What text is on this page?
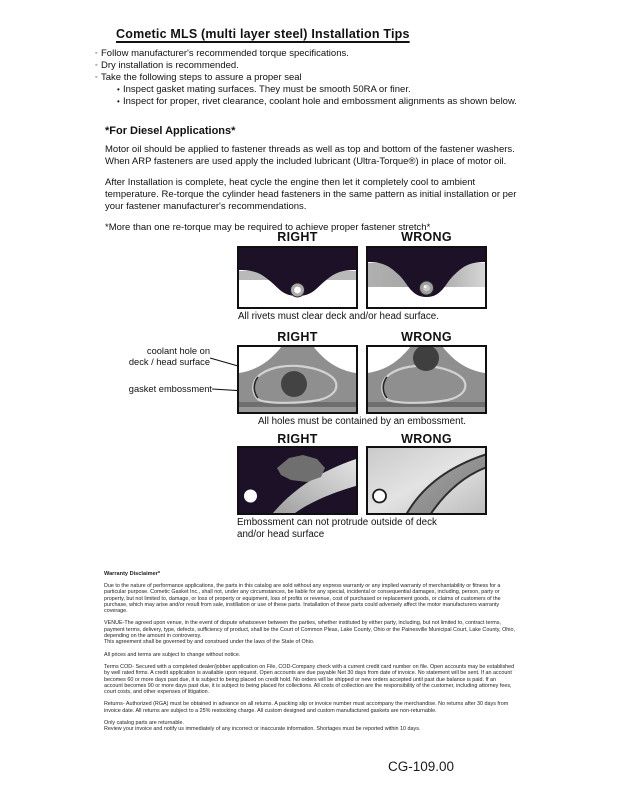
Cometic MLS (multi layer steel) Installation Tips
◦ Follow manufacturer's recommended torque specifications.
◦ Dry installation is recommended.
◦ Take the following steps to assure a proper seal
• Inspect gasket mating surfaces. They must be smooth 50RA or finer.
• Inspect for proper, rivet clearance, coolant hole and embossment alignments as shown below.
*For Diesel Applications*

Motor oil should be applied to fastener threads as well as top and bottom of the fastener washers. When ARP fasteners are used apply the included lubricant (Ultra-Torque®) in place of motor oil.

After Installation is complete, heat cycle the engine then let it completely cool to ambient temperature. Re-torque the cylinder head fasteners in the same pattern as initial installation or per your fastener manufacturer's recommendations.

*More than one re-torque may be required to achieve proper fastener stretch*

RIGHT	WRONG
All rivets must clear deck and/or head surface.
RIGHT	WRONG
coolant hole on
deck / head surface
gasket embossment
All holes must be contained by an embossment.
RIGHT	WRONG
Embossment can not protrude outside of deck
and/or head surface
Warranty Disclaimer*

Due to the nature of performance applications, the parts in this catalog are sold without any express warranty or any implied warranty of merchantability or fitness for a particular purpose. Cometic Gasket Inc., shall not, under any circumstances, be liable for any special, incidental or consequential damages, including, person, party or property, but not limited to, damage, or loss of property or equipment, loss of profits or revenue, cost of purchased or replacement goods, or claims of customers of the purchase, which may arise and/or result from sale, instillation or use of these parts. Installation of these parts could adversely affect the motor manufacturers warranty coverage.

VENUE-The agreed upon venue, in the event of dispute whatsoever between the parties, whether instituted by either party, including, but not limited to, contract terms, payment terms, delivery, type, defects, sufficiency of product, shall be the Court of Common Pleas, Lake County, Ohio or the Painesville Municipal Court, Lake County, Ohio, depending on the amount in controversy.

This agreement shall be governed by and construed under the laws of the State of Ohio.

All prices and terms are subject to change without notice.

Terms COD- Secured with a completed dealer/jobber application on File, COD-Company check with a current credit card number on file. Open accounts may be established by well rated firms. A credit application is available upon request. Open accounts are due payable Net 30 days from date of invoice. No statement will be sent. If an account becomes 60 or more days past due, it is subject to being placed on credit hold. No orders will be shipped or new orders accepted until past due balance is paid. If an account becomes 90 or more days past due, it is subject to being placed for collections. All costs of collection are the responsibility of the customer, including attorney fees, court costs, and other expenses of litigation.

Returns- Authorized (RGA) must be obtained in advance on all returns. A packing slip or invoice number must accompany the merchandise. No returns after 30 days from invoice date. All returns are subject to a 25% restocking charge. All custom designed and custom manufactured gaskets are non-returnable.

Only catalog parts are returnable.

Review your invoice and notify us immediately of any incorrect or inaccurate information. Shortages must be reported within 10 days.

CG-109.00
